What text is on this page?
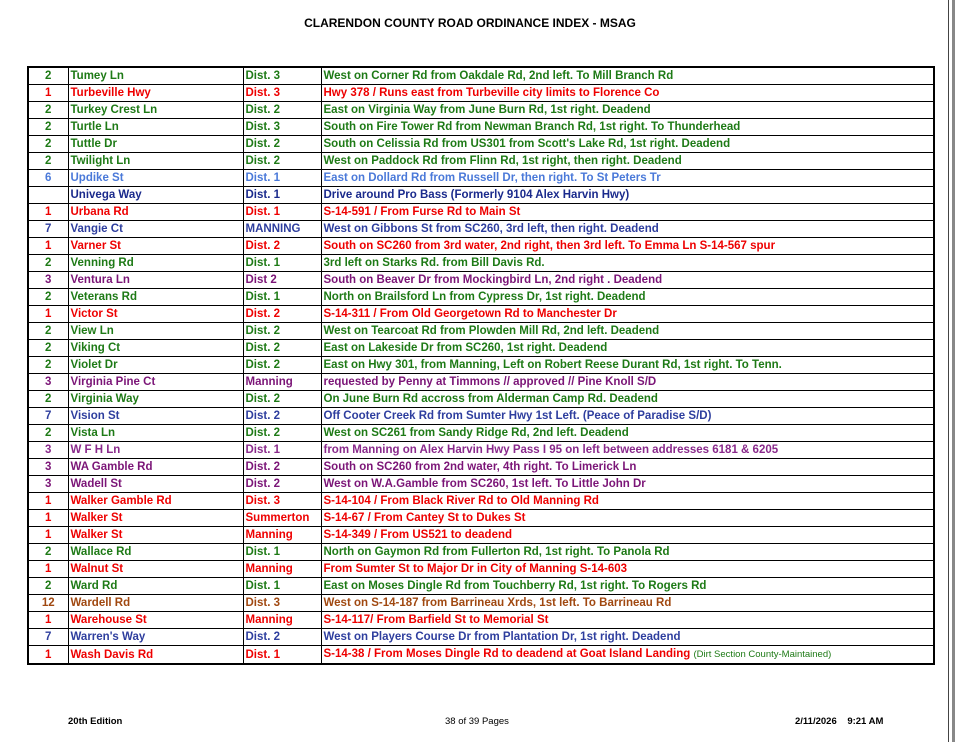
CLARENDON COUNTY ROAD ORDINANCE INDEX - MSAG
2	Tumey Ln	Dist. 3	West on Corner Rd from Oakdale Rd, 2nd left. To Mill Branch Rd
1	Turbeville Hwy	Dist. 3	Hwy 378 / Runs east from Turbeville city limits to Florence Co
2	Turkey Crest Ln	Dist. 2	East on Virginia Way from June Burn Rd, 1st right. Deadend
2	Turtle Ln	Dist. 3	South on Fire Tower Rd from Newman Branch Rd, 1st right. To Thunderhead
2	Tuttle Dr	Dist. 2	South on Celissia Rd from US301 from Scott's Lake Rd, 1st right. Deadend
2	Twilight Ln	Dist. 2	West on Paddock Rd from Flinn Rd, 1st right, then right. Deadend
6	Updike St	Dist. 1	East on Dollard Rd from Russell Dr, then right. To St Peters Tr
	Univega Way	Dist. 1	Drive around Pro Bass (Formerly 9104 Alex Harvin Hwy)
1	Urbana Rd	Dist. 1	S-14-591 / From Furse Rd to Main St
7	Vangie Ct	MANNING	West on Gibbons St from SC260, 3rd left, then right. Deadend
1	Varner St	Dist. 2	South on SC260 from 3rd water, 2nd right, then 3rd left. To Emma Ln S-14-567 spur
2	Venning Rd	Dist. 1	3rd left on Starks Rd. from Bill Davis Rd.
3	Ventura Ln	Dist 2	South on Beaver Dr from Mockingbird Ln, 2nd right . Deadend
2	Veterans Rd	Dist. 1	North on Brailsford Ln from Cypress Dr, 1st right. Deadend
1	Victor St	Dist. 2	S-14-311 / From Old Georgetown Rd to Manchester Dr
2	View Ln	Dist. 2	West on Tearcoat Rd from Plowden Mill Rd, 2nd left. Deadend
2	Viking Ct	Dist. 2	East on Lakeside Dr from SC260, 1st right. Deadend
2	Violet Dr	Dist. 2	East on Hwy 301, from Manning, Left on Robert Reese Durant Rd, 1st right. To Tenn.
3	Virginia Pine Ct	Manning	requested by Penny at Timmons // approved // Pine Knoll S/D
2	Virginia Way	Dist. 2	On June Burn Rd accross from Alderman Camp Rd. Deadend
7	Vision St	Dist. 2	Off Cooter Creek Rd from Sumter Hwy 1st Left. (Peace of Paradise S/D)
2	Vista Ln	Dist. 2	West on SC261 from Sandy Ridge Rd, 2nd left. Deadend
3	W F H Ln	Dist. 1	from Manning on Alex Harvin Hwy Pass I 95 on left between addresses 6181 & 6205
3	WA Gamble Rd	Dist. 2	South on SC260 from 2nd water, 4th right. To Limerick Ln
3	Wadell St	Dist. 2	West on W.A.Gamble from SC260, 1st left. To Little John Dr
1	Walker Gamble Rd	Dist. 3	S-14-104 / From Black River Rd to Old Manning Rd
1	Walker St	Summerton	S-14-67 / From Cantey St to Dukes St
1	Walker St	Manning	S-14-349 / From US521 to deadend
2	Wallace Rd	Dist. 1	North on Gaymon Rd from Fullerton Rd, 1st right. To Panola Rd
1	Walnut St	Manning	From Sumter St to Major Dr in City of Manning S-14-603
2	Ward Rd	Dist. 1	East on Moses Dingle Rd from Touchberry Rd, 1st right. To Rogers Rd
12	Wardell Rd	Dist. 3	West on S-14-187 from Barrineau Xrds, 1st left. To Barrineau Rd
1	Warehouse St	Manning	S-14-117/ From Barfield St to Memorial St
7	Warren's Way	Dist. 2	West on Players Course Dr from Plantation Dr, 1st right. Deadend
1	Wash Davis Rd	Dist. 1	S-14-38 / From Moses Dingle Rd to deadend at Goat Island Landing (Dirt Section County-Maintained)
20th Edition	38 of 39 Pages	2/11/2026 9:21 AM
